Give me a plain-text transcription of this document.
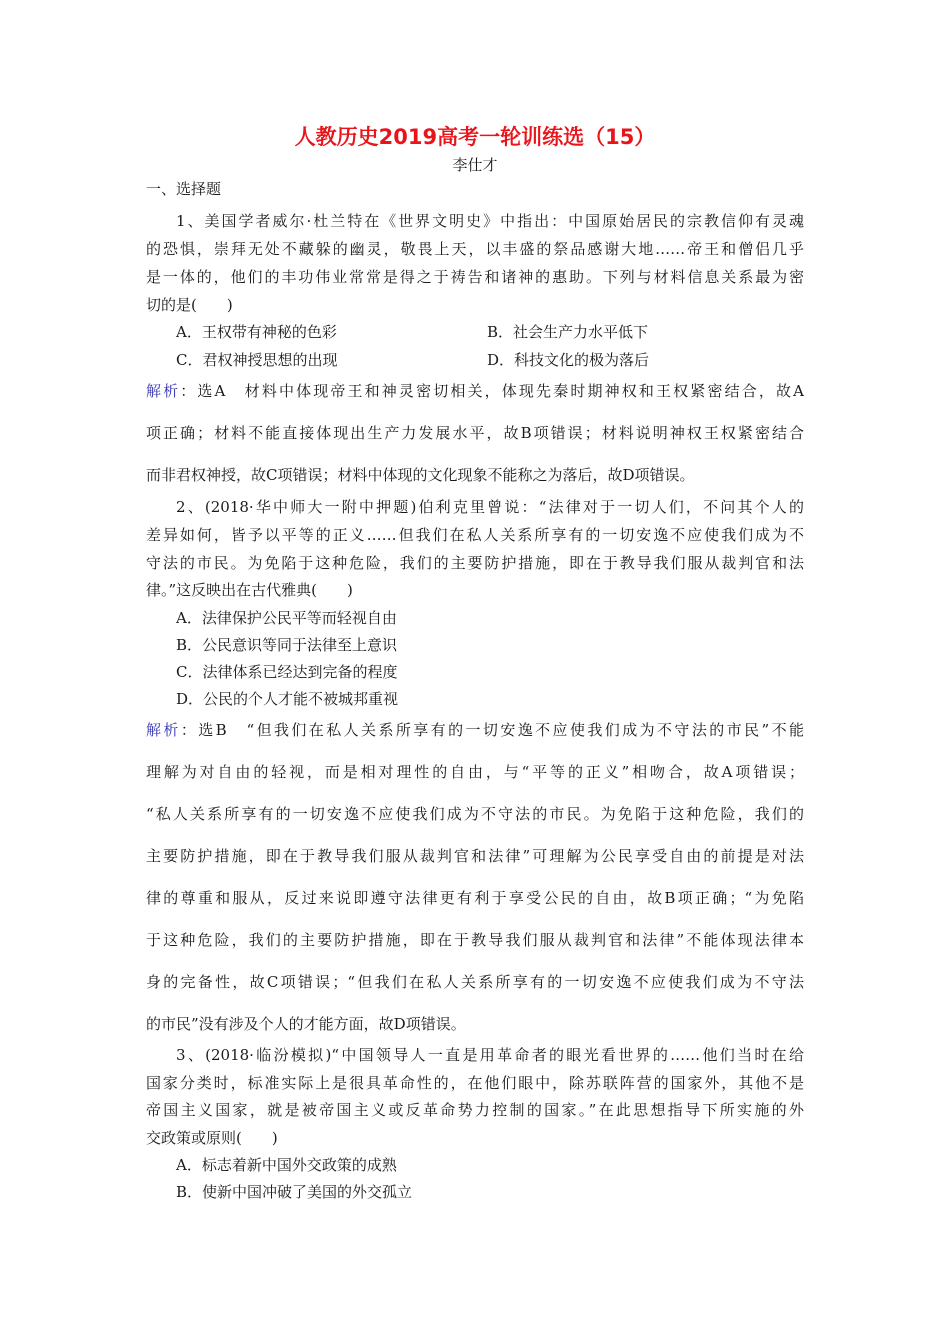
人教历史2019高考一轮训练选（15）
李仕才
一、选择题
1、美国学者威尔·杜兰特在《世界文明史》中指出：中国原始居民的宗教信仰有灵魂
的恐惧，崇拜无处不藏躲的幽灵，敬畏上天，以丰盛的祭品感谢大地……帝王和僧侣几乎
是一体的，他们的丰功伟业常常是得之于祷告和诸神的惠助。下列与材料信息关系最为密
切的是(　　)
A．王权带有神秘的色彩	B．社会生产力水平低下
C．君权神授思想的出现	D．科技文化的极为落后
解析：选A　材料中体现帝王和神灵密切相关，体现先秦时期神权和王权紧密结合，故A
项正确；材料不能直接体现出生产力发展水平，故B项错误；材料说明神权王权紧密结合
而非君权神授，故C项错误；材料中体现的文化现象不能称之为落后，故D项错误。
2、(2018·华中师大一附中押题)伯利克里曾说：“法律对于一切人们，不问其个人的
差异如何，皆予以平等的正义……但我们在私人关系所享有的一切安逸不应使我们成为不
守法的市民。为免陷于这种危险，我们的主要防护措施，即在于教导我们服从裁判官和法
律。”这反映出在古代雅典(　　)
A．法律保护公民平等而轻视自由
B．公民意识等同于法律至上意识
C．法律体系已经达到完备的程度
D．公民的个人才能不被城邦重视
解析：选B　“但我们在私人关系所享有的一切安逸不应使我们成为不守法的市民”不能
理解为对自由的轻视，而是相对理性的自由，与“平等的正义”相吻合，故A项错误；
“私人关系所享有的一切安逸不应使我们成为不守法的市民。为免陷于这种危险，我们的
主要防护措施，即在于教导我们服从裁判官和法律”可理解为公民享受自由的前提是对法
律的尊重和服从，反过来说即遵守法律更有利于享受公民的自由，故B项正确；“为免陷
于这种危险，我们的主要防护措施，即在于教导我们服从裁判官和法律”不能体现法律本
身的完备性，故C项错误；“但我们在私人关系所享有的一切安逸不应使我们成为不守法
的市民”没有涉及个人的才能方面，故D项错误。
3、(2018·临汾模拟)“中国领导人一直是用革命者的眼光看世界的……他们当时在给
国家分类时，标准实际上是很具革命性的，在他们眼中，除苏联阵营的国家外，其他不是
帝国主义国家，就是被帝国主义或反革命势力控制的国家。”在此思想指导下所实施的外
交政策或原则(　　)
A．标志着新中国外交政策的成熟
B．使新中国冲破了美国的外交孤立
